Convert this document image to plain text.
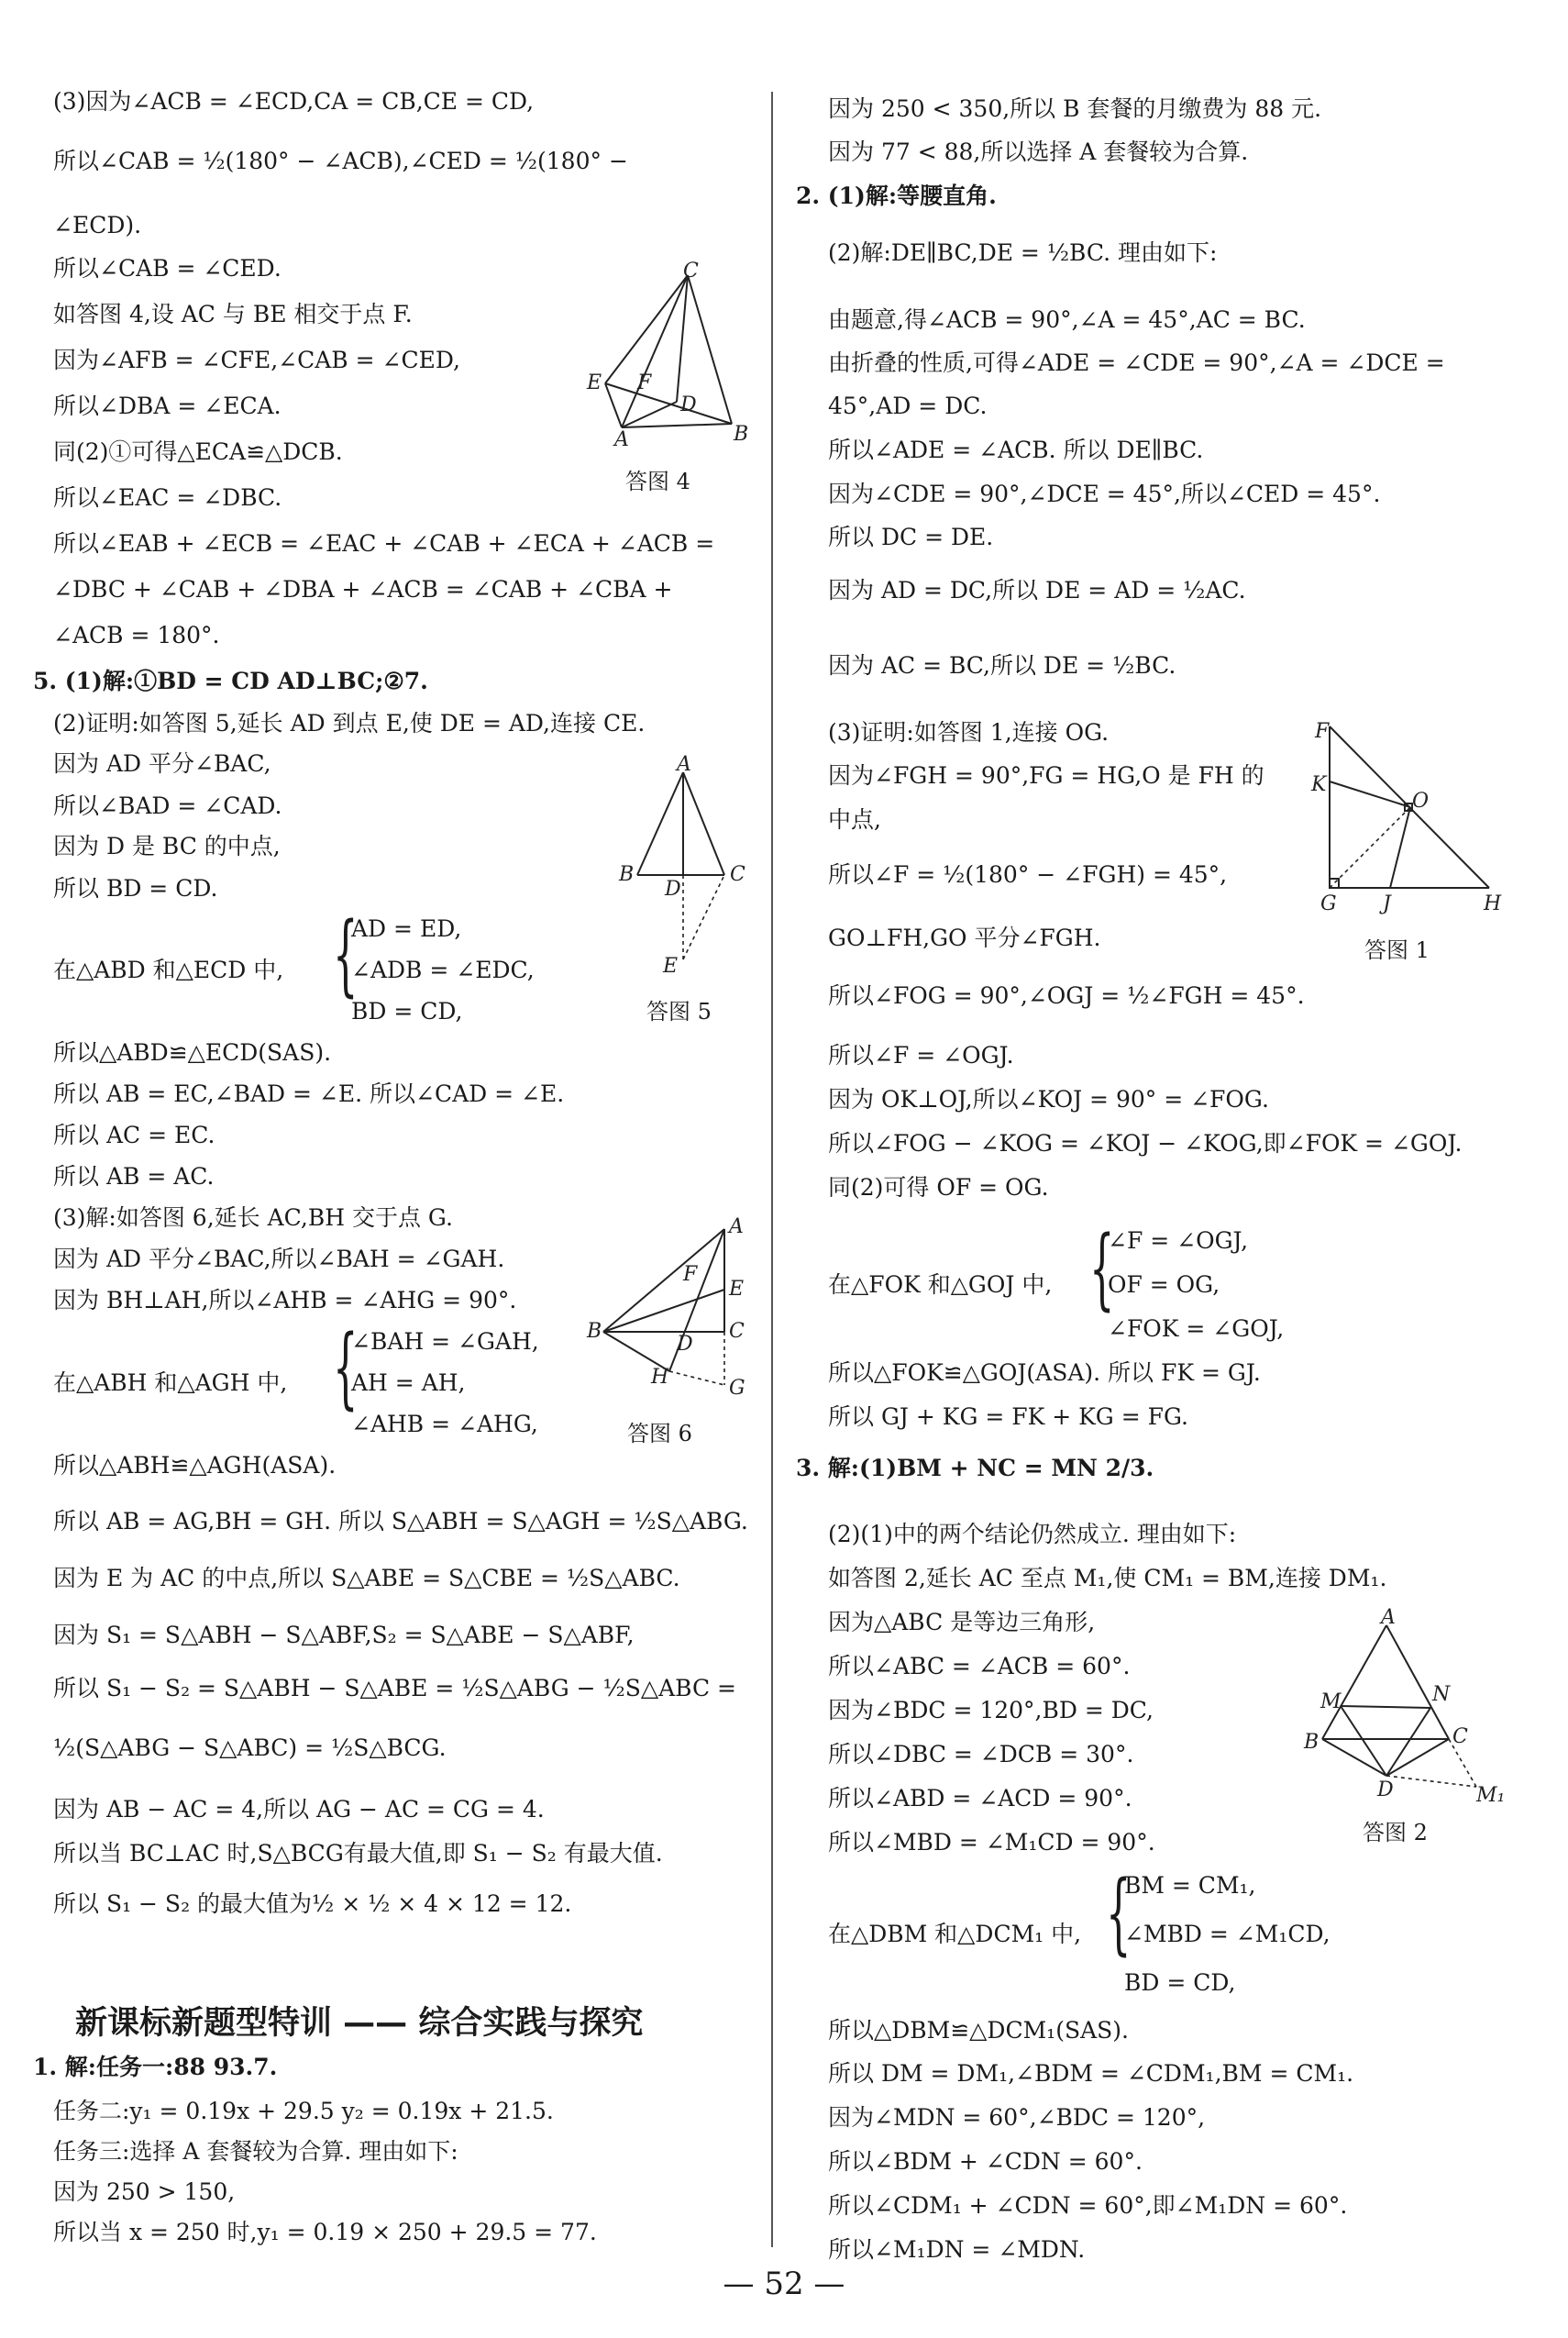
(3)因为∠ACB = ∠ECD,CA = CB,CE = CD,
所以∠CAB = ½(180° − ∠ACB),∠CED = ½(180° −
∠ECD).
所以∠CAB = ∠CED.
如答图 4,设 AC 与 BE 相交于点 F.
因为∠AFB = ∠CFE,∠CAB = ∠CED,
所以∠DBA = ∠ECA.
同(2)①可得△ECA≌△DCB.
所以∠EAC = ∠DBC.
所以∠EAB + ∠ECB = ∠EAC + ∠CAB + ∠ECA + ∠ACB =
∠DBC + ∠CAB + ∠DBA + ∠ACB = ∠CAB + ∠CBA +
∠ACB = 180°.
5. (1)解:①BD = CD AD⊥BC;②7.
(2)证明:如答图 5,延长 AD 到点 E,使 DE = AD,连接 CE.
因为 AD 平分∠BAC,
所以∠BAD = ∠CAD.
因为 D 是 BC 的中点,
所以 BD = CD.
AD = ED,
在△ABD 和△ECD 中, {
∠ADB = ∠EDC,
BD = CD,
所以△ABD≌△ECD(SAS).
所以 AB = EC,∠BAD = ∠E. 所以∠CAD = ∠E.
所以 AC = EC.
所以 AB = AC.
(3)解:如答图 6,延长 AC,BH 交于点 G.
因为 AD 平分∠BAC,所以∠BAH = ∠GAH.
因为 BH⊥AH,所以∠AHB = ∠AHG = 90°.
∠BAH = ∠GAH,
在△ABH 和△AGH 中, {
AH = AH,
∠AHB = ∠AHG,
所以△ABH≌△AGH(ASA).
所以 AB = AG,BH = GH. 所以 S△ABH = S△AGH = ½S△ABG.
因为 E 为 AC 的中点,所以 S△ABE = S△CBE = ½S△ABC.
因为 S₁ = S△ABH − S△ABF,S₂ = S△ABE − S△ABF,
所以 S₁ − S₂ = S△ABH − S△ABE = ½S△ABG − ½S△ABC =
½(S△ABG − S△ABC) = ½S△BCG.
因为 AB − AC = 4,所以 AG − AC = CG = 4.
所以当 BC⊥AC 时,S△BCG有最大值,即 S₁ − S₂ 有最大值.
所以 S₁ − S₂ 的最大值为½ × ½ × 4 × 12 = 12.
新课标新题型特训 —— 综合实践与探究
1. 解:任务一:88 93.7.
任务二:y₁ = 0.19x + 29.5 y₂ = 0.19x + 21.5.
任务三:选择 A 套餐较为合算. 理由如下:
因为 250 > 150,
所以当 x = 250 时,y₁ = 0.19 × 250 + 29.5 = 77.
因为 250 < 350,所以 B 套餐的月缴费为 88 元.
因为 77 < 88,所以选择 A 套餐较为合算.
2. (1)解:等腰直角.
(2)解:DE∥BC,DE = ½BC. 理由如下:
由题意,得∠ACB = 90°,∠A = 45°,AC = BC.
由折叠的性质,可得∠ADE = ∠CDE = 90°,∠A = ∠DCE =
45°,AD = DC.
所以∠ADE = ∠ACB. 所以 DE∥BC.
因为∠CDE = 90°,∠DCE = 45°,所以∠CED = 45°.
所以 DC = DE.
因为 AD = DC,所以 DE = AD = ½AC.
因为 AC = BC,所以 DE = ½BC.
(3)证明:如答图 1,连接 OG.
因为∠FGH = 90°,FG = HG,O 是 FH 的
中点,
所以∠F = ½(180° − ∠FGH) = 45°,
GO⊥FH,GO 平分∠FGH.
所以∠FOG = 90°,∠OGJ = ½∠FGH = 45°.
所以∠F = ∠OGJ.
因为 OK⊥OJ,所以∠KOJ = 90° = ∠FOG.
所以∠FOG − ∠KOG = ∠KOJ − ∠KOG,即∠FOK = ∠GOJ.
同(2)可得 OF = OG.
∠F = ∠OGJ,
在△FOK 和△GOJ 中, {
OF = OG,
∠FOK = ∠GOJ,
所以△FOK≌△GOJ(ASA). 所以 FK = GJ.
所以 GJ + KG = FK + KG = FG.
3. 解:(1)BM + NC = MN 2/3.
(2)(1)中的两个结论仍然成立. 理由如下:
如答图 2,延长 AC 至点 M₁,使 CM₁ = BM,连接 DM₁.
因为△ABC 是等边三角形,
所以∠ABC = ∠ACB = 60°.
因为∠BDC = 120°,BD = DC,
所以∠DBC = ∠DCB = 30°.
所以∠ABD = ∠ACD = 90°.
所以∠MBD = ∠M₁CD = 90°.
BM = CM₁,
在△DBM 和△DCM₁ 中, {
∠MBD = ∠M₁CD,
BD = CD,
所以△DBM≌△DCM₁(SAS).
所以 DM = DM₁,∠BDM = ∠CDM₁,BM = CM₁.
因为∠MDN = 60°,∠BDC = 120°,
所以∠BDM + ∠CDN = 60°.
所以∠CDM₁ + ∠CDN = 60°,即∠M₁DN = 60°.
所以∠M₁DN = ∠MDN.
C
E F
D
A	B
答图 4
A
B
D
C
E
答图 5
A
F
E
B
D
C
H	G
答图 6
F
K
O
G J	H
答图 1
A
N
M
B	C
D	M₁
答图 2
— 52 —
